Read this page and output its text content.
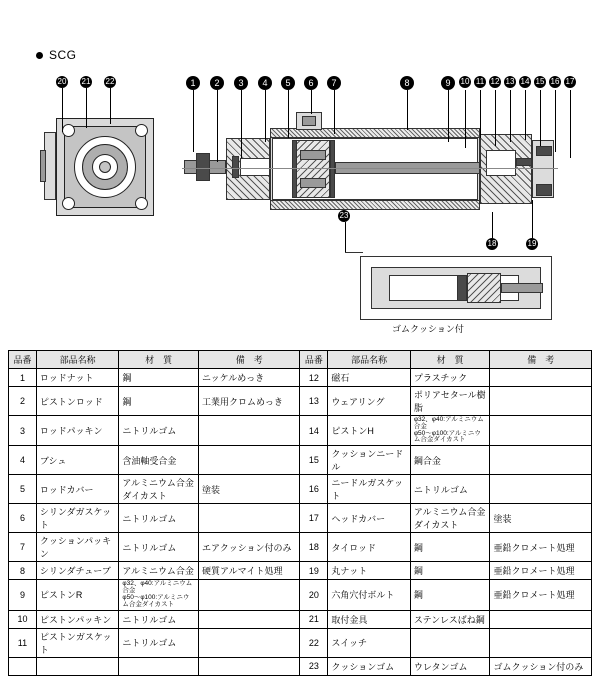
SCG
ゴムクッション付
1	2	3	4	5	6	7	8	9	10 11 12 13 14 15 16 17
20 21 22
23
18	19
品番	部品名称	材　質	備　考	品番	部品名称	材　質	備　考
1	ロッドナット	鋼	ニッケルめっき	12	磁石	プラスチック	
2	ピストンロッド	鋼	工業用クロムめっき	13	ウェアリング	ポリアセタール樹脂	
3	ロッドパッキン	ニトリルゴム		14	ピストンH	φ32、φ40:アルミニウム合金
φ50〜φ100:アルミニウム合金ダイカスト	

4	ブシュ	含油軸受合金		15	クッションニードル	鋼合金	
5	ロッドカバー	アルミニウム合金ダイカスト	塗装	16	ニードルガスケット	ニトリルゴム	
6	シリンダガスケット	ニトリルゴム		17	ヘッドカバー	アルミニウム合金ダイカスト	塗装
7	クッションパッキン	ニトリルゴム	エアクッション付のみ	18	タイロッド	鋼	亜鉛クロメート処理
8	シリンダチューブ	アルミニウム合金	硬質アルマイト処理	19	丸ナット	鋼	亜鉛クロメート処理
9	ピストンR	φ32、φ40:アルミニウム合金
φ50〜φ100:アルミニウム合金ダイカスト		20	六角穴付ボルト	鋼	亜鉛クロメート処理
10	ピストンパッキン	ニトリルゴム		21	取付金具	ステンレスばね鋼	
11	ピストンガスケット	ニトリルゴム		22	スイッチ		
				23	クッションゴム	ウレタンゴム	ゴムクッション付のみ
